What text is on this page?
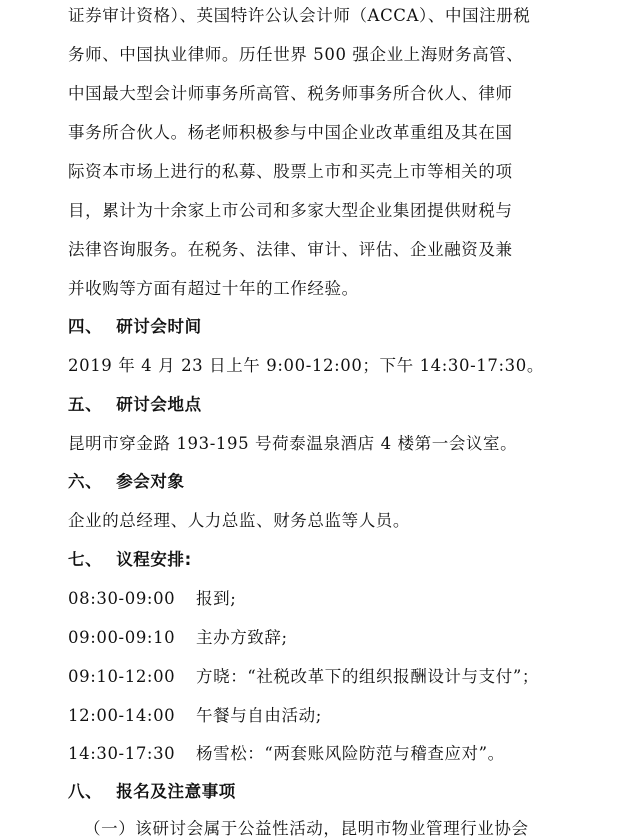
证券审计资格）、英国特许公认会计师（ACCA）、中国注册税
务师、中国执业律师。历任世界 500 强企业上海财务高管、
中国最大型会计师事务所高管、税务师事务所合伙人、律师
事务所合伙人。杨老师积极参与中国企业改革重组及其在国
际资本市场上进行的私募、股票上市和买壳上市等相关的项
目，累计为十余家上市公司和多家大型企业集团提供财税与
法律咨询服务。在税务、法律、审计、评估、企业融资及兼
并收购等方面有超过十年的工作经验。
四、 研讨会时间
2019 年 4 月 23 日上午 9:00-12:00；下午 14:30-17:30。
五、 研讨会地点
昆明市穿金路 193-195 号荷泰温泉酒店 4 楼第一会议室。
六、 参会对象
企业的总经理、人力总监、财务总监等人员。
七、 议程安排:
08:30-09:00 报到;
09:00-09:10 主办方致辞;
09:10-12:00 方晓：“社税改革下的组织报酬设计与支付”；
12:00-14:00 午餐与自由活动;
14:30-17:30 杨雪松：“两套账风险防范与稽查应对”。
八、 报名及注意事项
（一）该研讨会属于公益性活动，昆明市物业管理行业协会
